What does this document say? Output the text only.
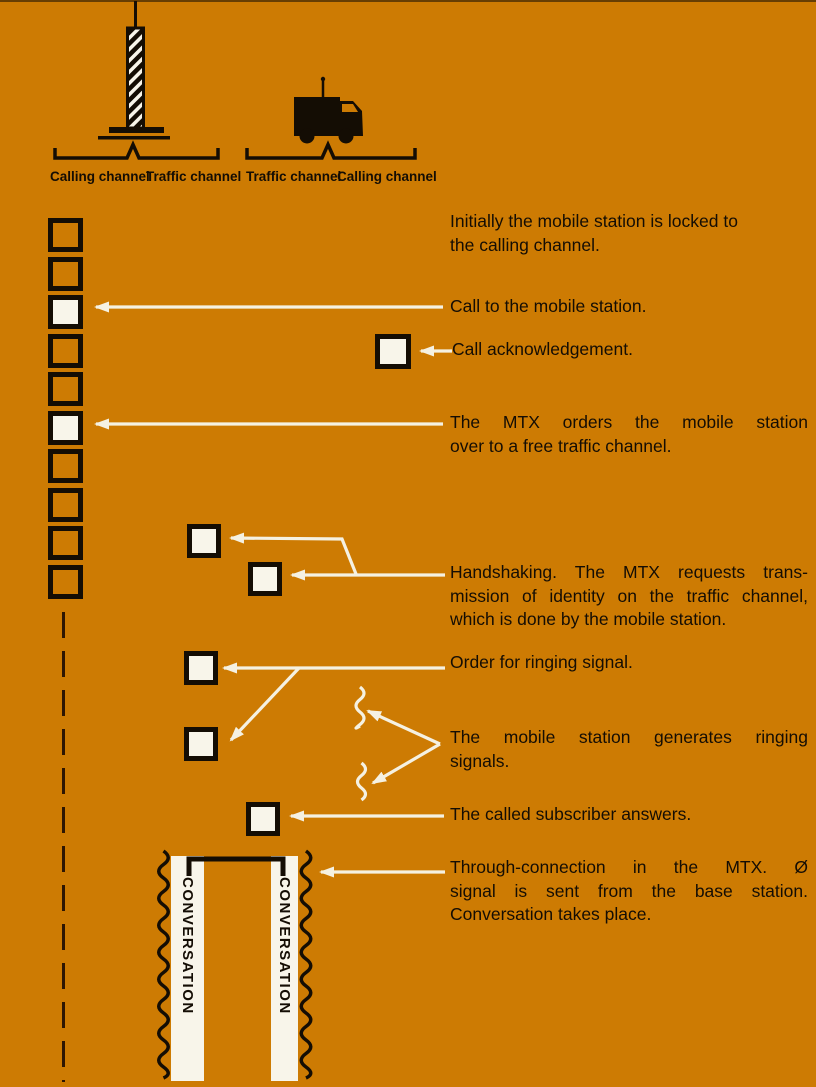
Calling channel
Traffic channel Traffic channel
Calling channel
CONVERSATION	CONVERSATION
Initially the mobile station is locked to
the calling channel.
Call to the mobile station.
Call acknowledgement.
The MTX orders the mobile station
over to a free traffic channel.
Handshaking. The MTX requests trans-
mission of identity on the traffic channel,
which is done by the mobile station.
Order for ringing signal.
The mobile station generates ringing
signals.
The called subscriber answers.
Through-connection in the MTX. Ø
signal is sent from the base station.
Conversation takes place.
